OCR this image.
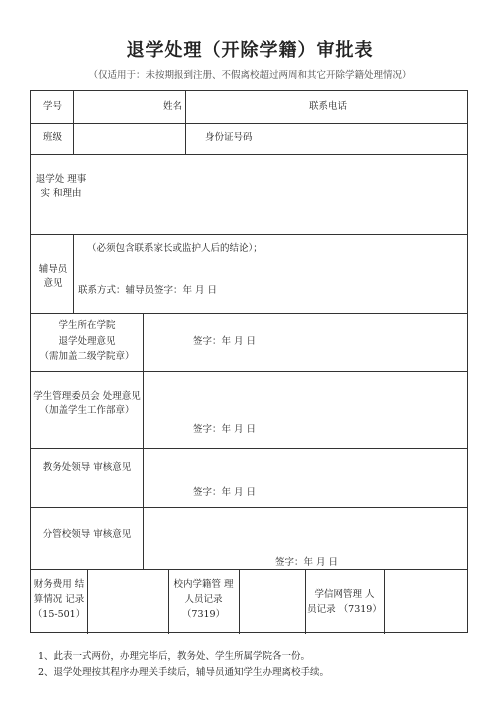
退学处理（开除学籍）审批表
（仅适用于：未按期报到注册、不假离校超过两周和其它开除学籍处理情况）
学号	姓名	联系电话
班级	身份证号码
退学处 理事实 和理由
辅导员 意见
（必须包含联系家长或监护人后的结论）；
联系方式：辅导员签字：年 月 日
学生所在学院
退学处理意见
（需加盖二级学院章）
签字：年 月 日
学生管理委员会 处理意见
（加盖学生工作部章）
签字：年 月 日
教务处领导 审核意见
签字：年 月 日
分管校领导 审核意见
签字：年 月 日
财务费用 结
算情况 记录
（15-501）
校内学籍管 理
人员记录
（7319）
学信网管理 人
员记录 （7319）
1、此表一式两份，办理完毕后，教务处、学生所属学院各一份。
2、退学处理按其程序办理关手续后，辅导员通知学生办理离校手续。
